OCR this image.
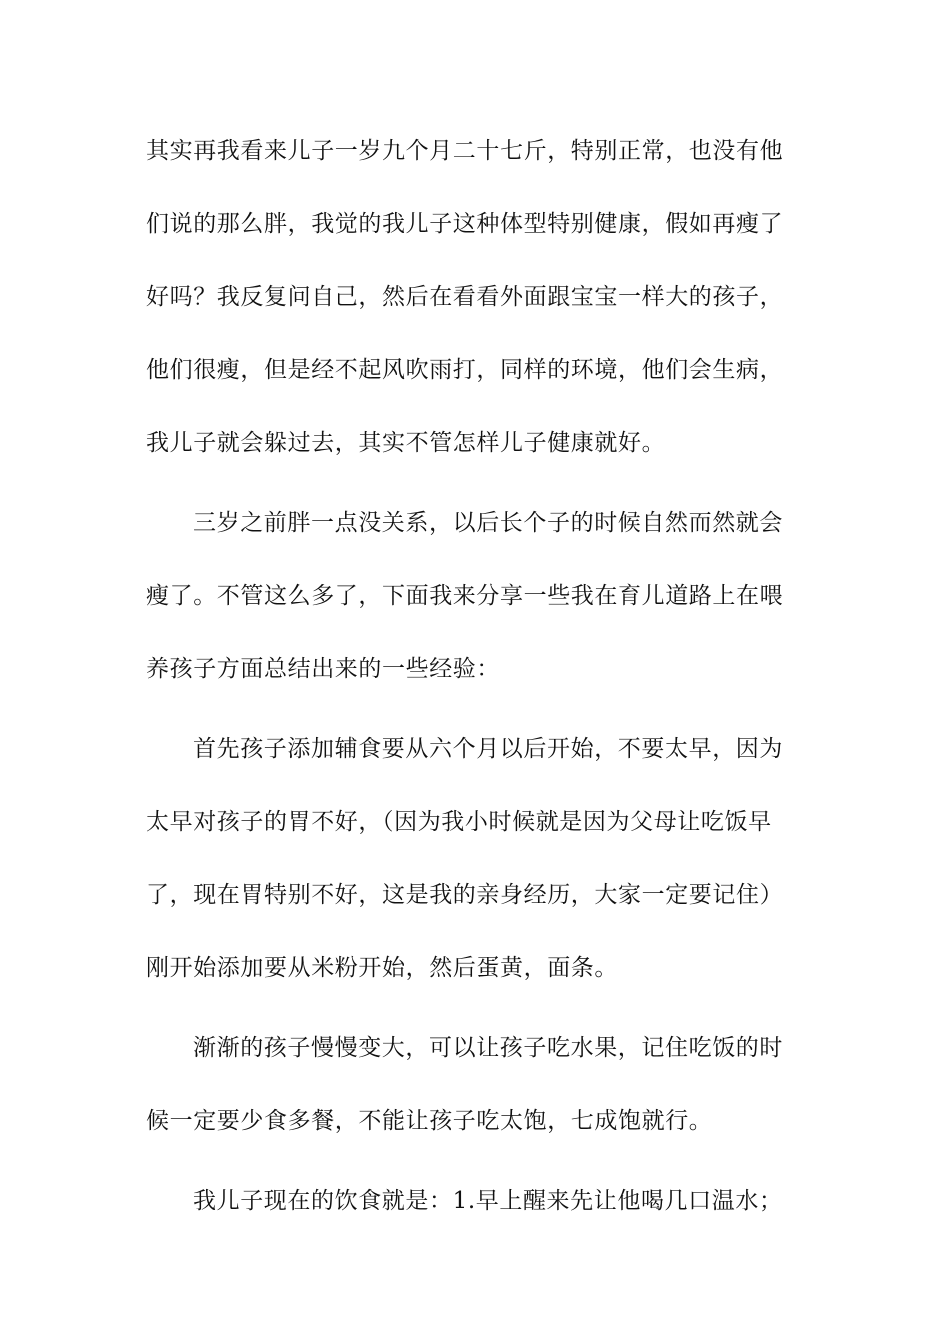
其实再我看来儿子一岁九个月二十七斤，特别正常，也没有他
们说的那么胖，我觉的我儿子这种体型特别健康，假如再瘦了
好吗？我反复问自己，然后在看看外面跟宝宝一样大的孩子，
他们很瘦，但是经不起风吹雨打，同样的环境，他们会生病，
我儿子就会躲过去，其实不管怎样儿子健康就好。
三岁之前胖一点没关系，以后长个子的时候自然而然就会
瘦了。不管这么多了，下面我来分享一些我在育儿道路上在喂
养孩子方面总结出来的一些经验：
首先孩子添加辅食要从六个月以后开始，不要太早，因为
太早对孩子的胃不好，（因为我小时候就是因为父母让吃饭早
了，现在胃特别不好，这是我的亲身经历，大家一定要记住）
刚开始添加要从米粉开始，然后蛋黄，面条。
渐渐的孩子慢慢变大，可以让孩子吃水果，记住吃饭的时
候一定要少食多餐，不能让孩子吃太饱，七成饱就行。
我儿子现在的饮食就是：1.早上醒来先让他喝几口温水；
